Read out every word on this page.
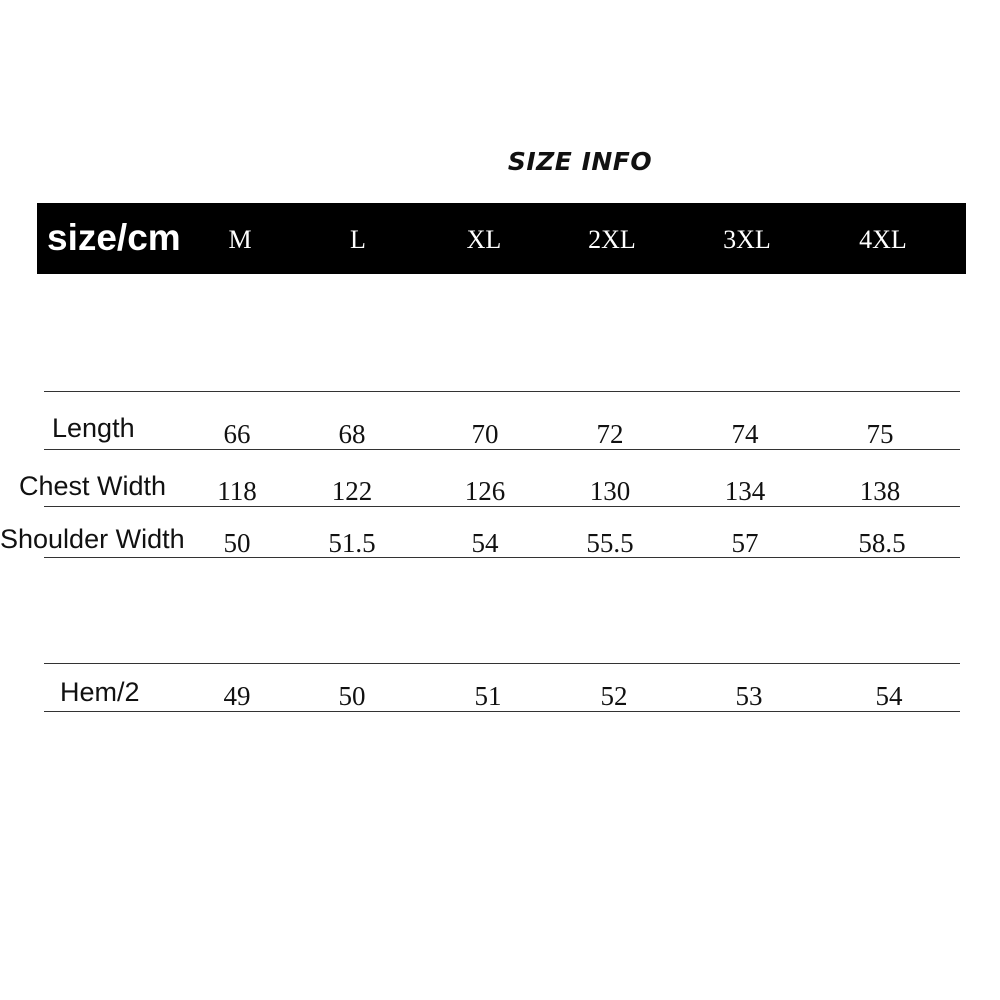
SIZE INFO
size/cm	M	L	XL	2XL	3XL	4XL
Length	66	68	70	72	74	75
Chest Width	118	122	126	130	134	138
Shoulder Width	50	51.5	54	55.5	57	58.5
Hem/2	49	50	51	52	53	54
